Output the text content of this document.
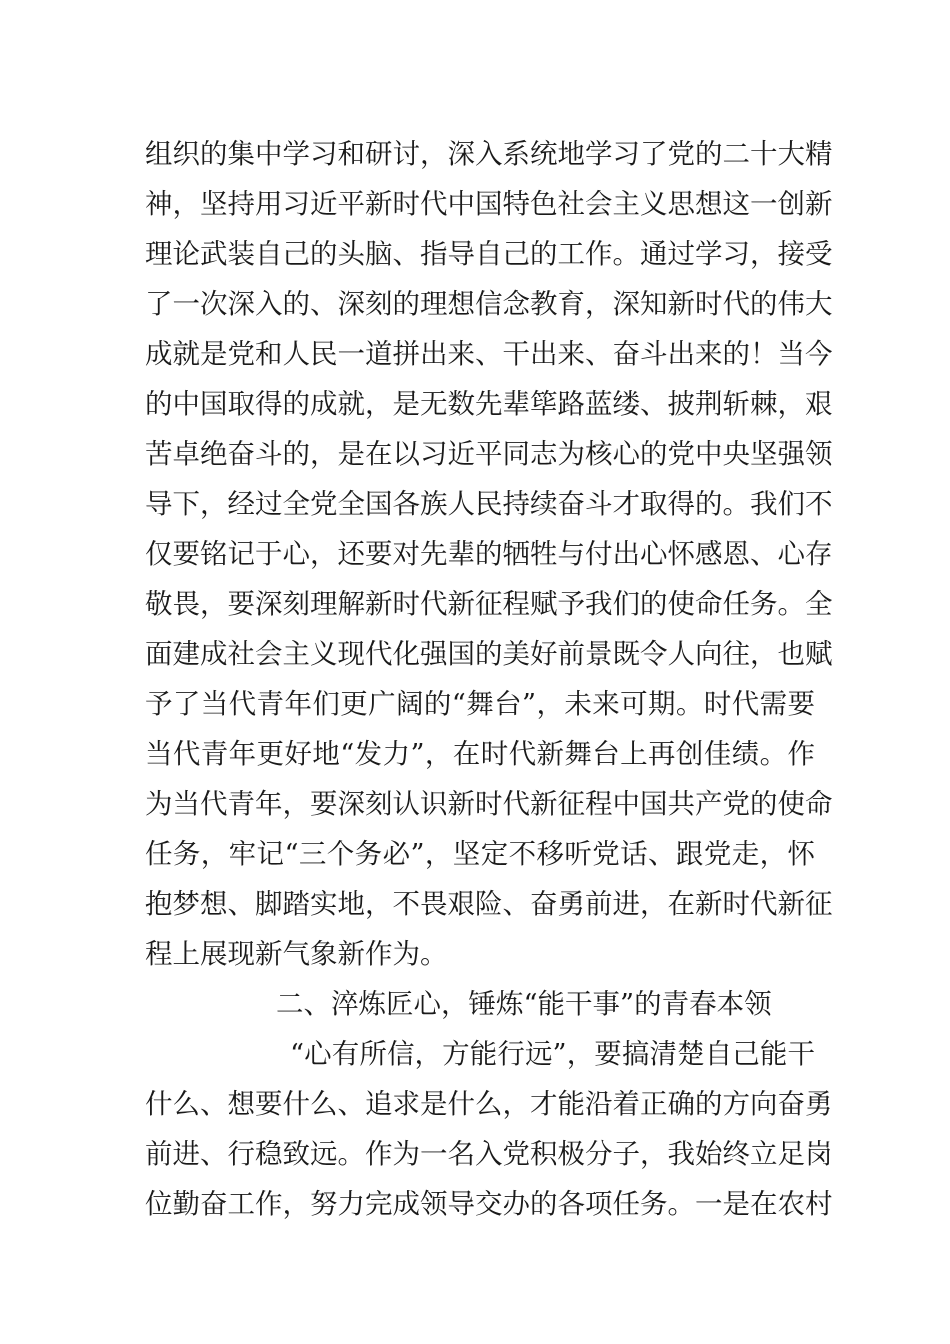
组织的集中学习和研讨，深入系统地学习了党的二十大精
神，坚持用习近平新时代中国特色社会主义思想这一创新
理论武装自己的头脑、指导自己的工作。通过学习，接受
了一次深入的、深刻的理想信念教育，深知新时代的伟大
成就是党和人民一道拼出来、干出来、奋斗出来的！当今
的中国取得的成就，是无数先辈筚路蓝缕、披荆斩棘，艰
苦卓绝奋斗的，是在以习近平同志为核心的党中央坚强领
导下，经过全党全国各族人民持续奋斗才取得的。我们不
仅要铭记于心，还要对先辈的牺牲与付出心怀感恩、心存
敬畏，要深刻理解新时代新征程赋予我们的使命任务。全
面建成社会主义现代化强国的美好前景既令人向往，也赋
予了当代青年们更广阔的“舞台”，未来可期。时代需要
当代青年更好地“发力”，在时代新舞台上再创佳绩。作
为当代青年，要深刻认识新时代新征程中国共产党的使命
任务，牢记“三个务必”，坚定不移听党话、跟党走，怀
抱梦想、脚踏实地，不畏艰险、奋勇前进，在新时代新征
程上展现新气象新作为。
二、淬炼匠心，锤炼“能干事”的青春本领
“心有所信，方能行远”，要搞清楚自己能干
什么、想要什么、追求是什么，才能沿着正确的方向奋勇
前进、行稳致远。作为一名入党积极分子，我始终立足岗
位勤奋工作，努力完成领导交办的各项任务。一是在农村
